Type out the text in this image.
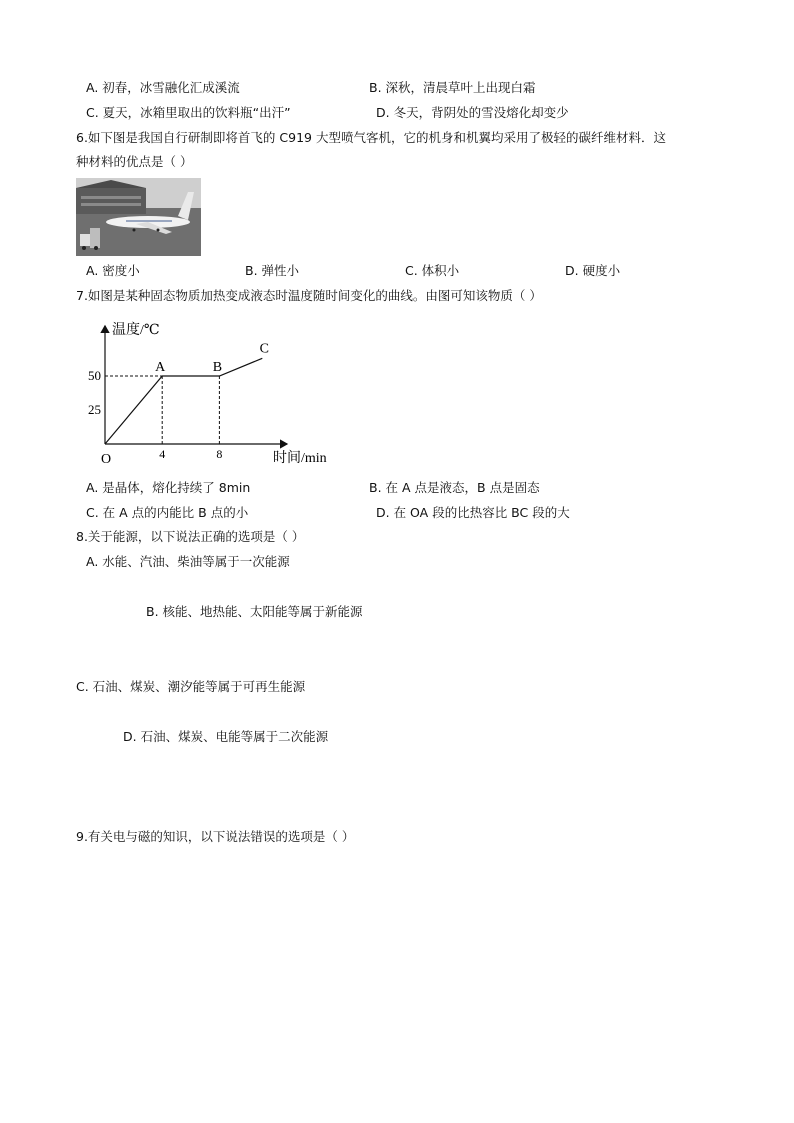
A. 初春，冰雪融化汇成溪流	B. 深秋，清晨草叶上出现白霜
C. 夏天，冰箱里取出的饮料瓶“出汗”	D. 冬天，背阴处的雪没熔化却变少
6.如下图是我国自行研制即将首飞的 C919 大型喷气客机，它的机身和机翼均采用了极轻的碳纤维材料．这
种材料的优点是（ ）
A. 密度小	B. 弹性小	C. 体积小	D. 硬度小
7.如图是某种固态物质加热变成液态时温度随时间变化的曲线。由图可知该物质（ ）
温度/℃
时间/min
O
25
50
4	8
A	B
C
A. 是晶体，熔化持续了 8min	B. 在 A 点是液态，B 点是固态
C. 在 A 点的内能比 B 点的小	D. 在 OA 段的比热容比 BC 段的大
8.关于能源，以下说法正确的选项是（ ）
A. 水能、汽油、柴油等属于一次能源
B. 核能、地热能、太阳能等属于新能源
C. 石油、煤炭、潮汐能等属于可再生能源
D. 石油、煤炭、电能等属于二次能源
9.有关电与磁的知识，以下说法错误的选项是（ ）
